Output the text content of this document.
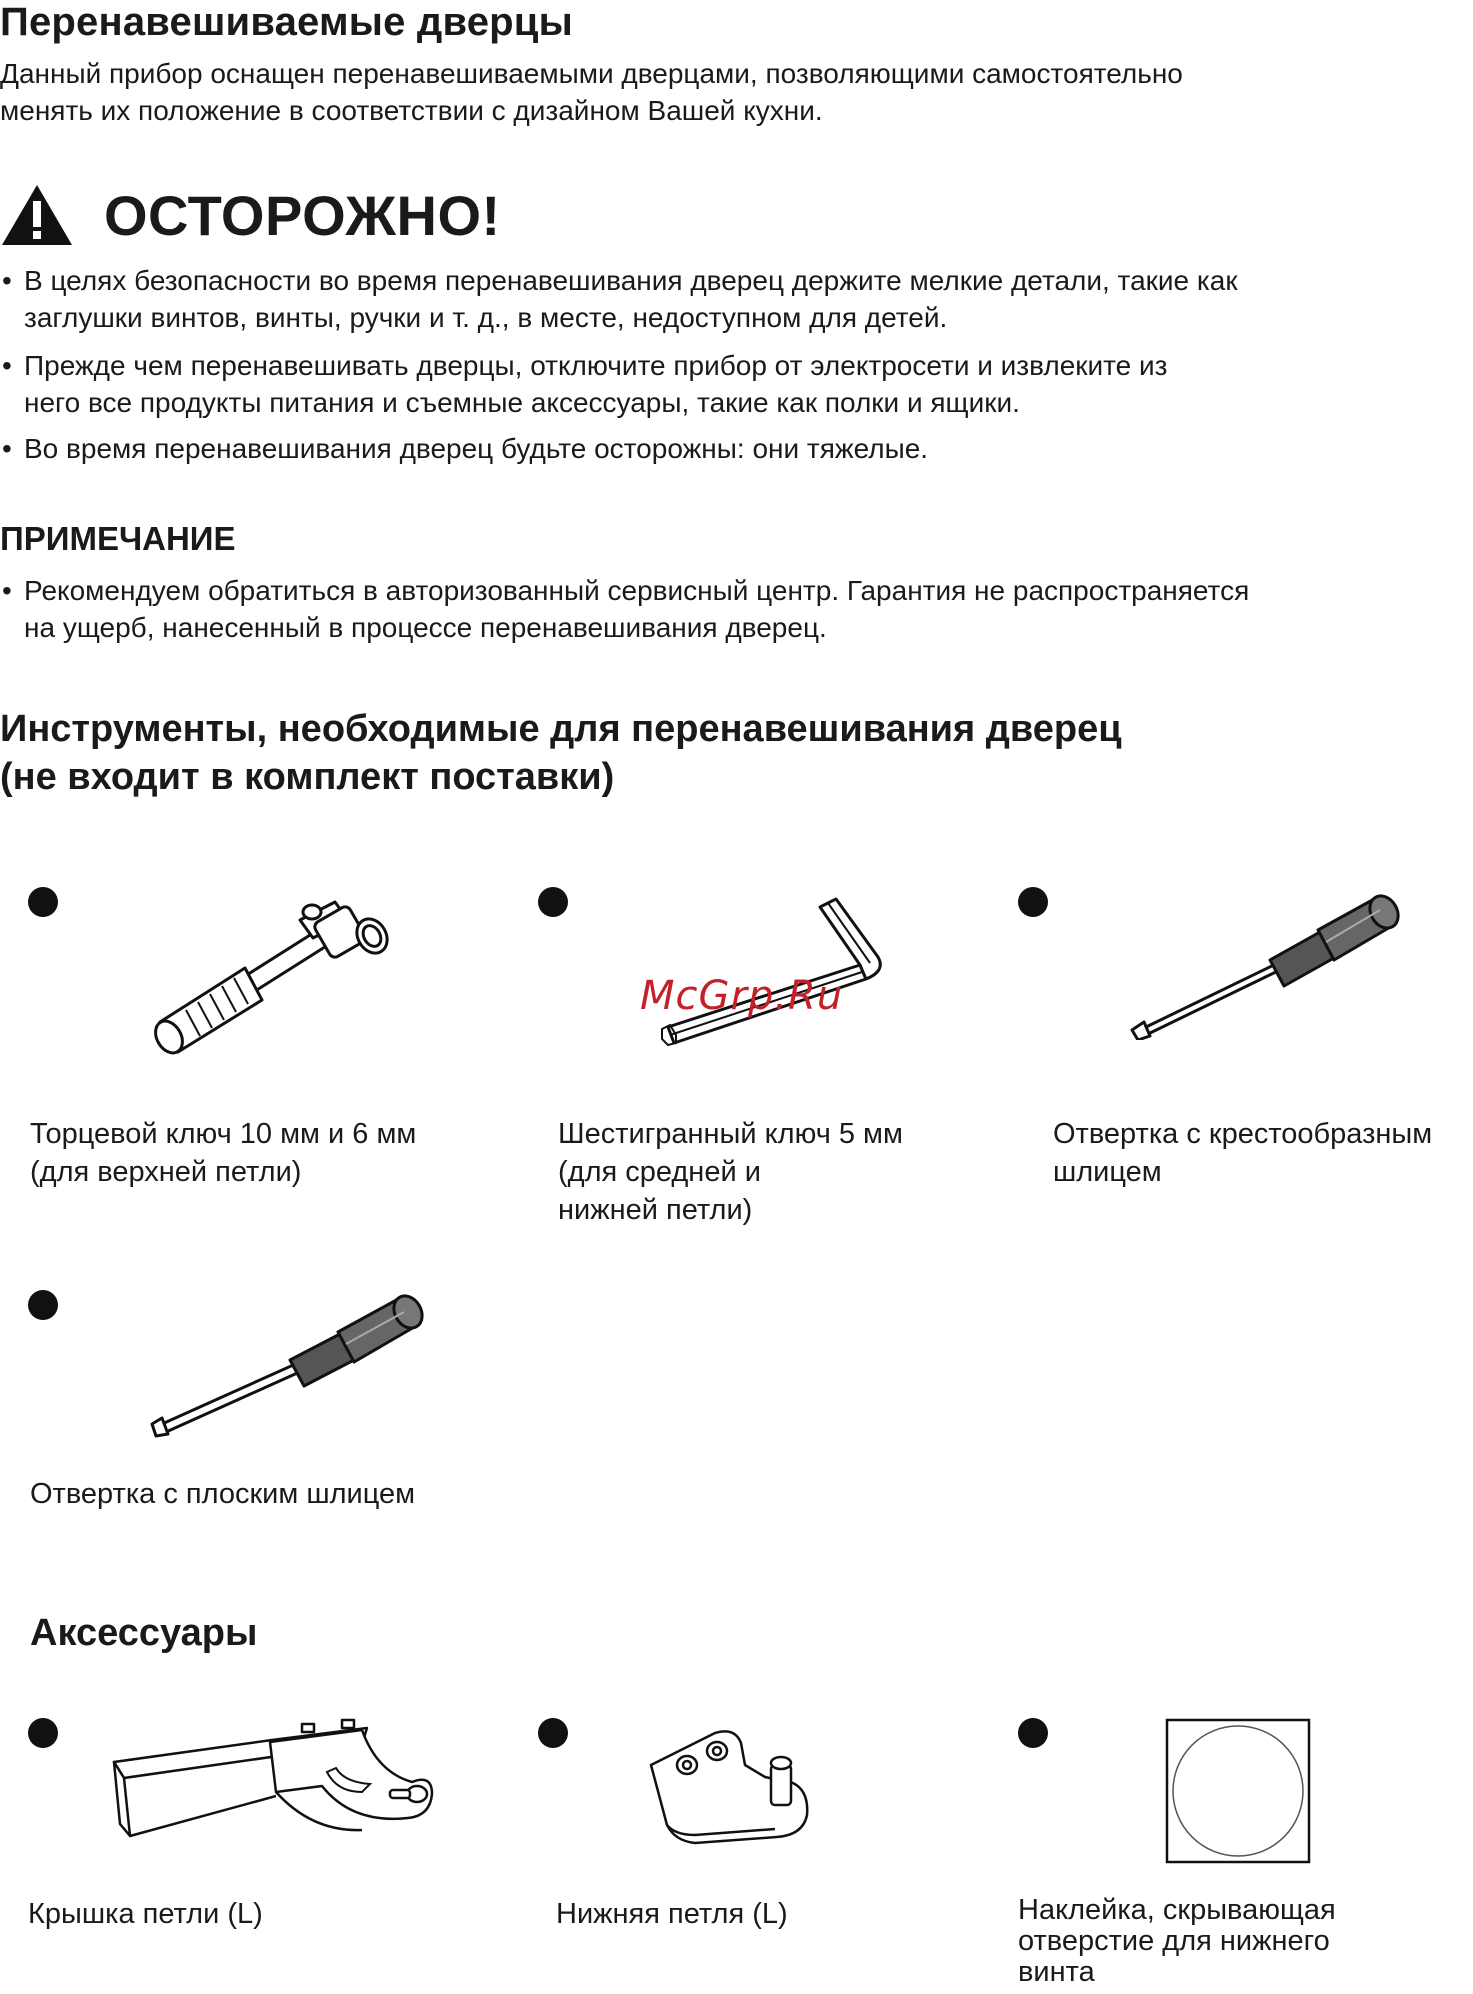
Перенавешиваемые дверцы
Данный прибор оснащен перенавешиваемыми дверцами, позволяющими самостоятельно
менять их положение в соответствии с дизайном Вашей кухни.
ОСТОРОЖНО!
• В целях безопасности во время перенавешивания дверец держите мелкие детали, такие как
заглушки винтов, винты, ручки и т. д., в месте, недоступном для детей.
• Прежде чем перенавешивать дверцы, отключите прибор от электросети и извлеките из
него все продукты питания и съемные аксессуары, такие как полки и ящики.
• Во время перенавешивания дверец будьте осторожны: они тяжелые.
ПРИМЕЧАНИЕ
• Рекомендуем обратиться в авторизованный сервисный центр. Гарантия не распространяется
на ущерб, нанесенный в процессе перенавешивания дверец.
Инструменты, необходимые для перенавешивания дверец
(не входит в комплект поставки)
Торцевой ключ 10 мм и 6 мм
(для верхней петли)
McGrp.Ru
Шестигранный ключ 5 мм
(для средней и
нижней петли)
Отвертка с крестообразным
шлицем
Отвертка с плоским шлицем
Аксессуары
Крышка петли (L)	Нижняя петля (L)	Наклейка, скрывающая
отверстие для нижнего
винта
